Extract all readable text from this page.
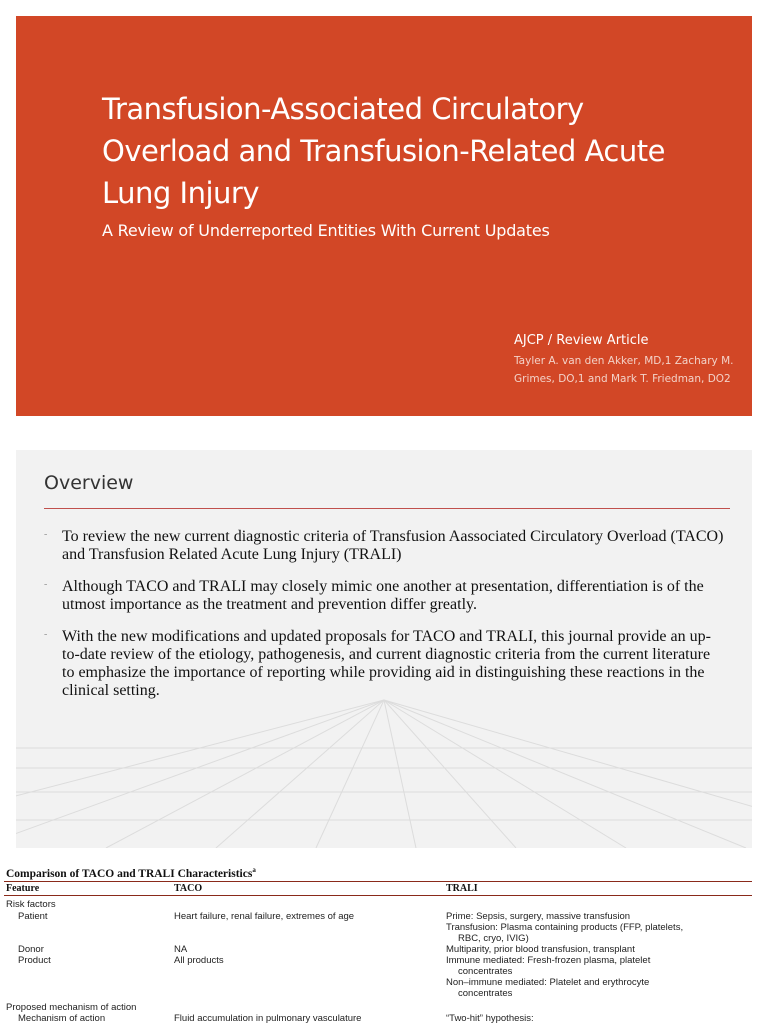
Transfusion-Associated Circulatory Overload and Transfusion-Related Acute Lung Injury
A Review of Underreported Entities With Current Updates
AJCP / Review Article
Tayler A. van den Akker, MD,1 Zachary M. Grimes, DO,1 and Mark T. Friedman, DO2
Overview
- To review the new current diagnostic criteria of Transfusion Aassociated Circulatory Overload (TACO) and Transfusion Related Acute Lung Injury (TRALI)
- Although TACO and TRALI may closely mimic one another at presentation, differentiation is of the utmost importance as the treatment and prevention differ greatly.
- With the new modifications and updated proposals for TACO and TRALI, this journal provide an up-to-date review of the etiology, pathogenesis, and current diagnostic criteria from the current literature to emphasize the importance of reporting while providing aid in distinguishing these reactions in the clinical setting.
Comparison of TACO and TRALI Characteristics$^a$
Feature	TACO	TRALI
Risk factors
Patient	Heart failure, renal failure, extremes of age	Prime: Sepsis, surgery, massive transfusion
Transfusion: Plasma containing products (FFP, platelets,
RBC, cryo, IVIG)
Donor	NA	Multiparity, prior blood transfusion, transplant
Product	All products	Immune mediated: Fresh-frozen plasma, platelet
concentrates
Non–immune mediated: Platelet and erythrocyte
concentrates
Proposed mechanism of action
Mechanism of action	Fluid accumulation in pulmonary vasculature	“Two-hit” hypothesis:
